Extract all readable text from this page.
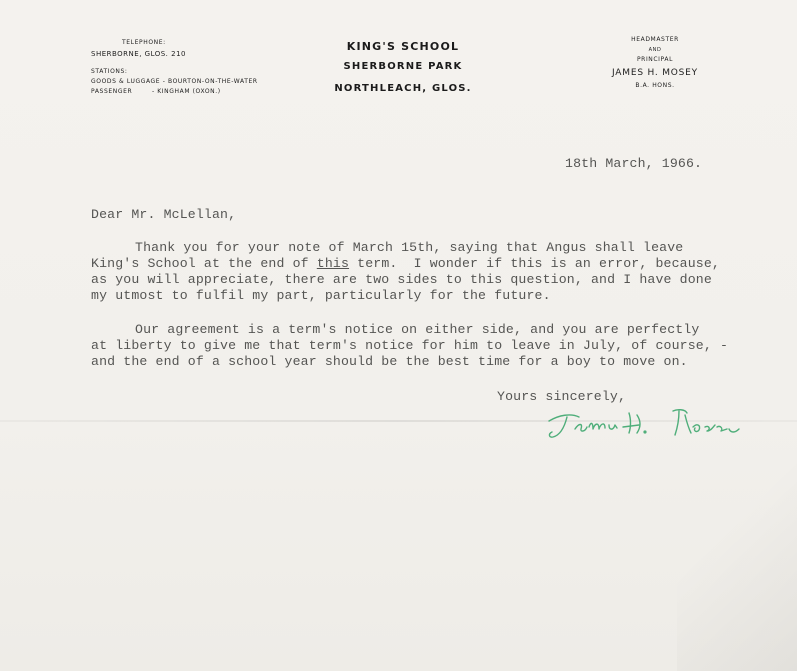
TELEPHONE:
SHERBORNE, GLOS. 210
STATIONS:
GOODS & LUGGAGE - BOURTON-ON-THE-WATER
PASSENGER	- KINGHAM (OXON.)
KING'S SCHOOL
SHERBORNE PARK
NORTHLEACH, GLOS.
HEADMASTER
AND
PRINCIPAL
JAMES H. MOSEY
B.A. HONS.
18th March, 1966.
Dear Mr. McLellan,
Thank you for your note of March 15th, saying that Angus shall leave
King's School at the end of this term.  I wonder if this is an error, because,
as you will appreciate, there are two sides to this question, and I have done
my utmost to fulfil my part, particularly for the future.
Our agreement is a term's notice on either side, and you are perfectly
at liberty to give me that term's notice for him to leave in July, of course, -
and the end of a school year should be the best time for a boy to move on.
Yours sincerely,
